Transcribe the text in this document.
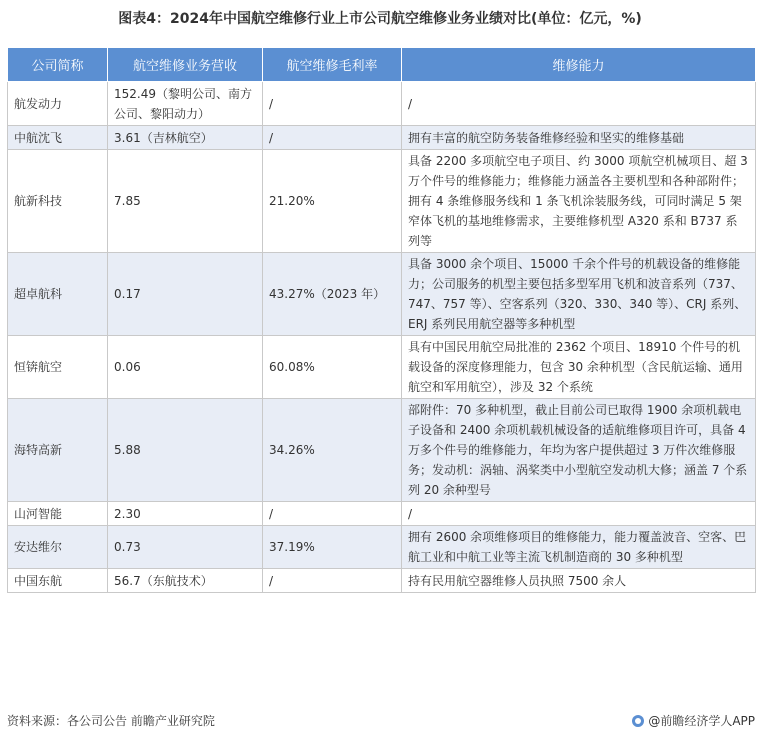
图表4：2024年中国航空维修行业上市公司航空维修业务业绩对比(单位：亿元，%)
公司简称	航空维修业务营收	航空维修毛利率	维修能力
航发动力	152.49（黎明公司、南方公司、黎阳动力）	/	/
中航沈飞	3.61（吉林航空）	/	拥有丰富的航空防务装备维修经验和坚实的维修基础
航新科技	7.85	21.20%	具备 2200 多项航空电子项目、约 3000 项航空机械项目、超 3 万个件号的维修能力；维修能力涵盖各主要机型和各种部附件；拥有 4 条维修服务线和 1 条飞机涂装服务线，可同时满足 5 架窄体飞机的基地维修需求，主要维修机型 A320 系和 B737 系列等
超卓航科	0.17	43.27%（2023 年）	具备 3000 余个项目、15000 千余个件号的机载设备的维修能力；公司服务的机型主要包括多型军用飞机和波音系列（737、747、757 等）、空客系列（320、330、340 等）、CRJ 系列、ERJ 系列民用航空器等多种机型
恒锛航空	0.06	60.08%	具有中国民用航空局批准的 2362 个项目、18910 个件号的机载设备的深度修理能力，包含 30 余种机型（含民航运输、通用航空和军用航空），涉及 32 个系统
海特高新	5.88	34.26%	部附件：70 多种机型，截止目前公司已取得 1900 余项机载电子设备和 2400 余项机载机械设备的适航维修项目许可，具备 4 万多个件号的维修能力，年均为客户提供超过 3 万件次维修服务；发动机：涡轴、涡桨类中小型航空发动机大修；涵盖 7 个系列 20 余种型号
山河智能	2.30	/	/
安达维尔	0.73	37.19%	拥有 2600 余项维修项目的维修能力，能力覆盖波音、空客、巴航工业和中航工业等主流飞机制造商的 30 多种机型
中国东航	56.7（东航技术）	/	持有民用航空器维修人员执照 7500 余人
资料来源：各公司公告 前瞻产业研究院	@前瞻经济学人APP
